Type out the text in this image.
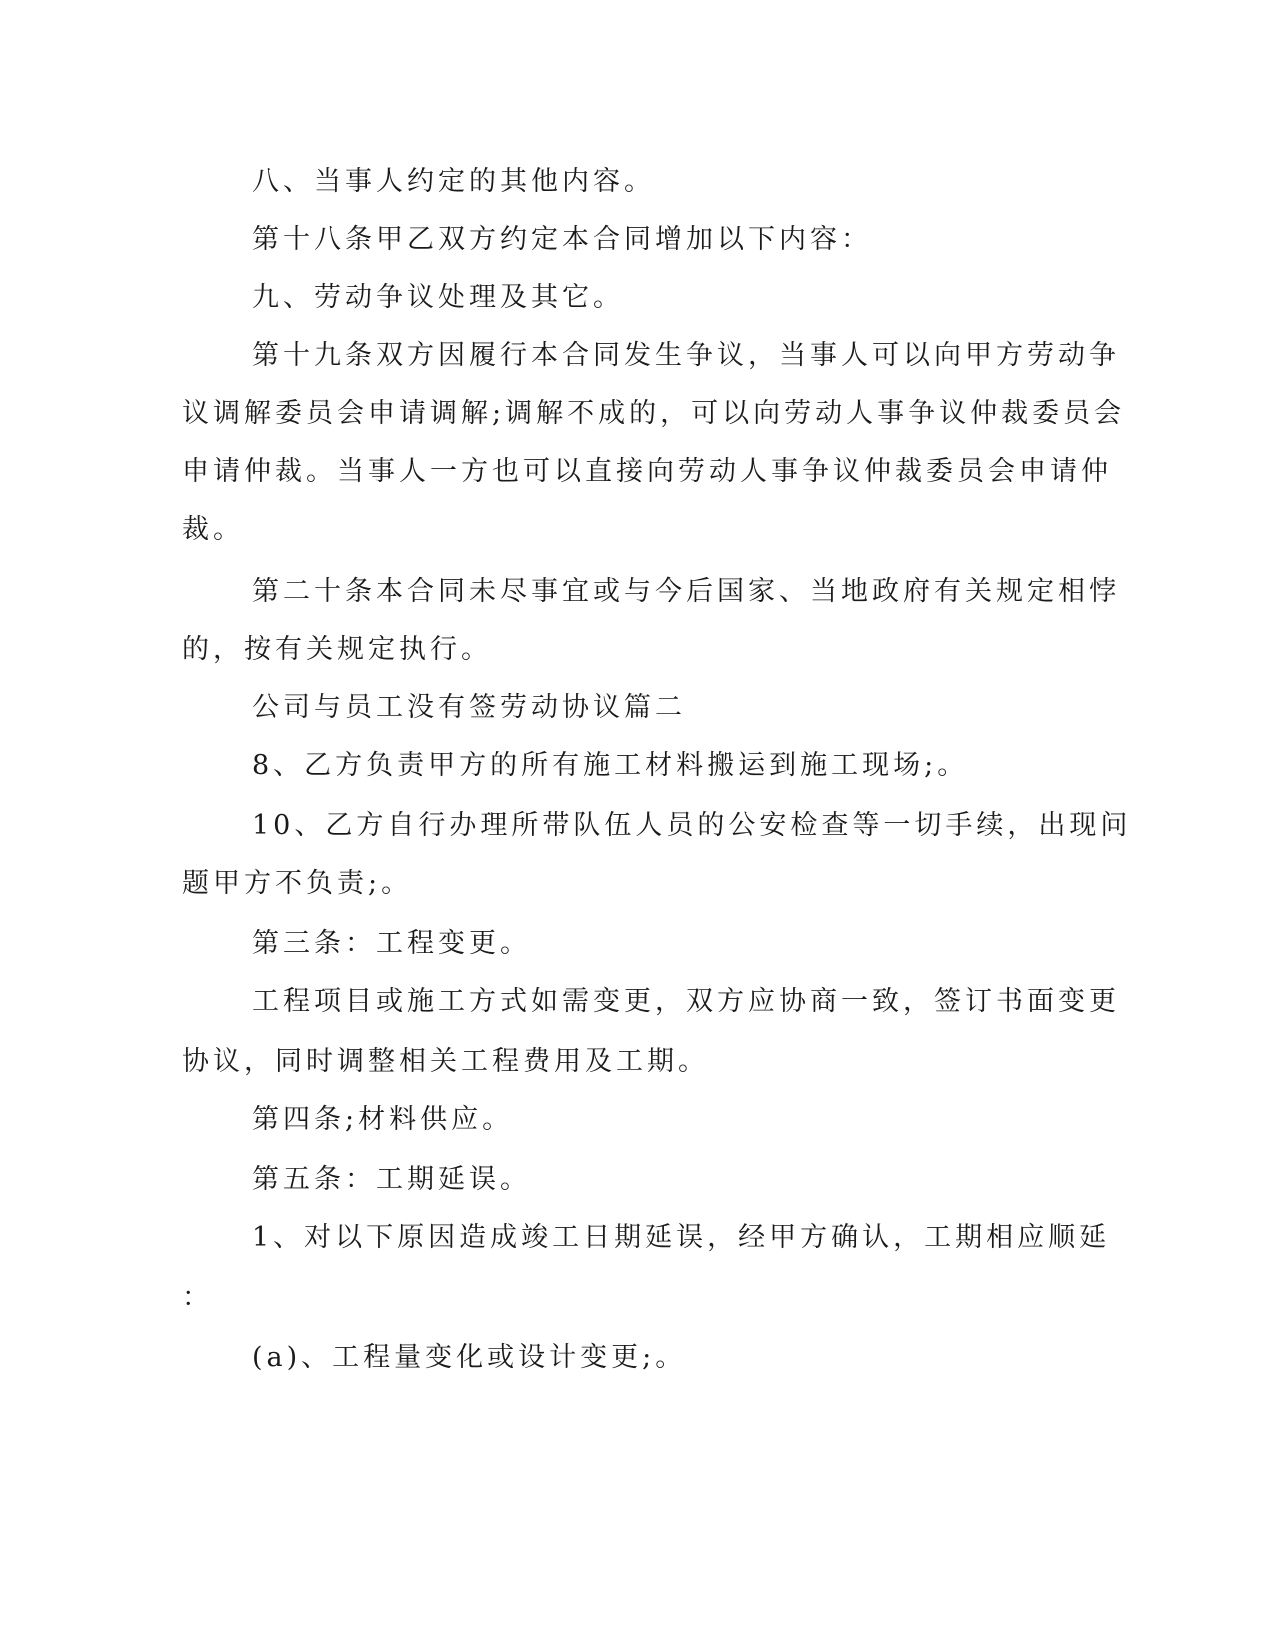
八、当事人约定的其他内容。
第十八条甲乙双方约定本合同增加以下内容：
九、劳动争议处理及其它。
第十九条双方因履行本合同发生争议，当事人可以向甲方劳动争
议调解委员会申请调解;调解不成的，可以向劳动人事争议仲裁委员会
申请仲裁。当事人一方也可以直接向劳动人事争议仲裁委员会申请仲
裁。
第二十条本合同未尽事宜或与今后国家、当地政府有关规定相悖
的，按有关规定执行。
公司与员工没有签劳动协议篇二
8、乙方负责甲方的所有施工材料搬运到施工现场;。
10、乙方自行办理所带队伍人员的公安检查等一切手续，出现问
题甲方不负责;。
第三条：工程变更。
工程项目或施工方式如需变更，双方应协商一致，签订书面变更
协议，同时调整相关工程费用及工期。
第四条;材料供应。
第五条：工期延误。
1、对以下原因造成竣工日期延误，经甲方确认，工期相应顺延
：
(a)、工程量变化或设计变更;。
